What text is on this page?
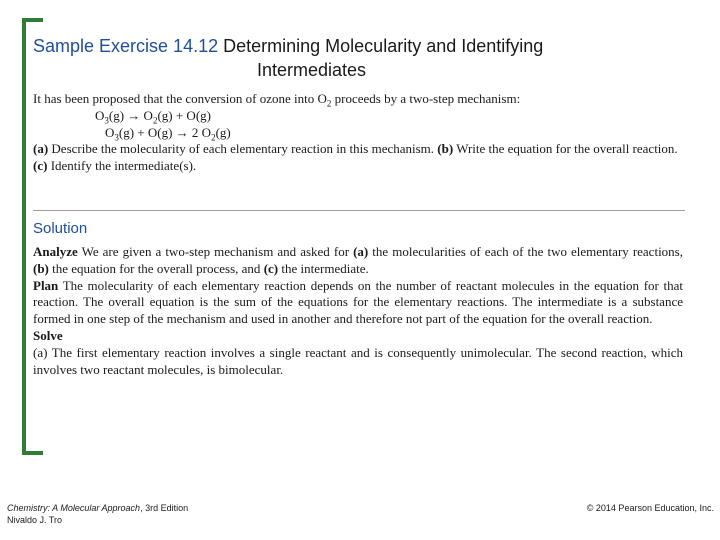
Sample Exercise 14.12 Determining Molecularity and Identifying
Intermediates
It has been proposed that the conversion of ozone into $O_2$ proceeds by a two-step mechanism:
$O_3(g) \to O_2(g) + O(g)$
$O_3(g) + O(g) \to 2$ $O_2(g)$
(a) Describe the molecularity of each elementary reaction in this mechanism. (b) Write the equation for the overall reaction. (c) Identify the intermediate(s).
Solution

Analyze We are given a two-step mechanism and asked for (a) the molecularities of each of the two elementary reactions, (b) the equation for the overall process, and (c) the intermediate.

Plan The molecularity of each elementary reaction depends on the number of reactant molecules in the equation for that reaction. The overall equation is the sum of the equations for the elementary reactions. The intermediate is a substance formed in one step of the mechanism and used in another and therefore not part of the equation for the overall reaction.

Solve

(a) The first elementary reaction involves a single reactant and is consequently unimolecular. The second reaction, which involves two reactant molecules, is bimolecular.

Chemistry: A Molecular Approach, 3rd Edition
Nivaldo J. Tro
© 2014 Pearson Education, Inc.
